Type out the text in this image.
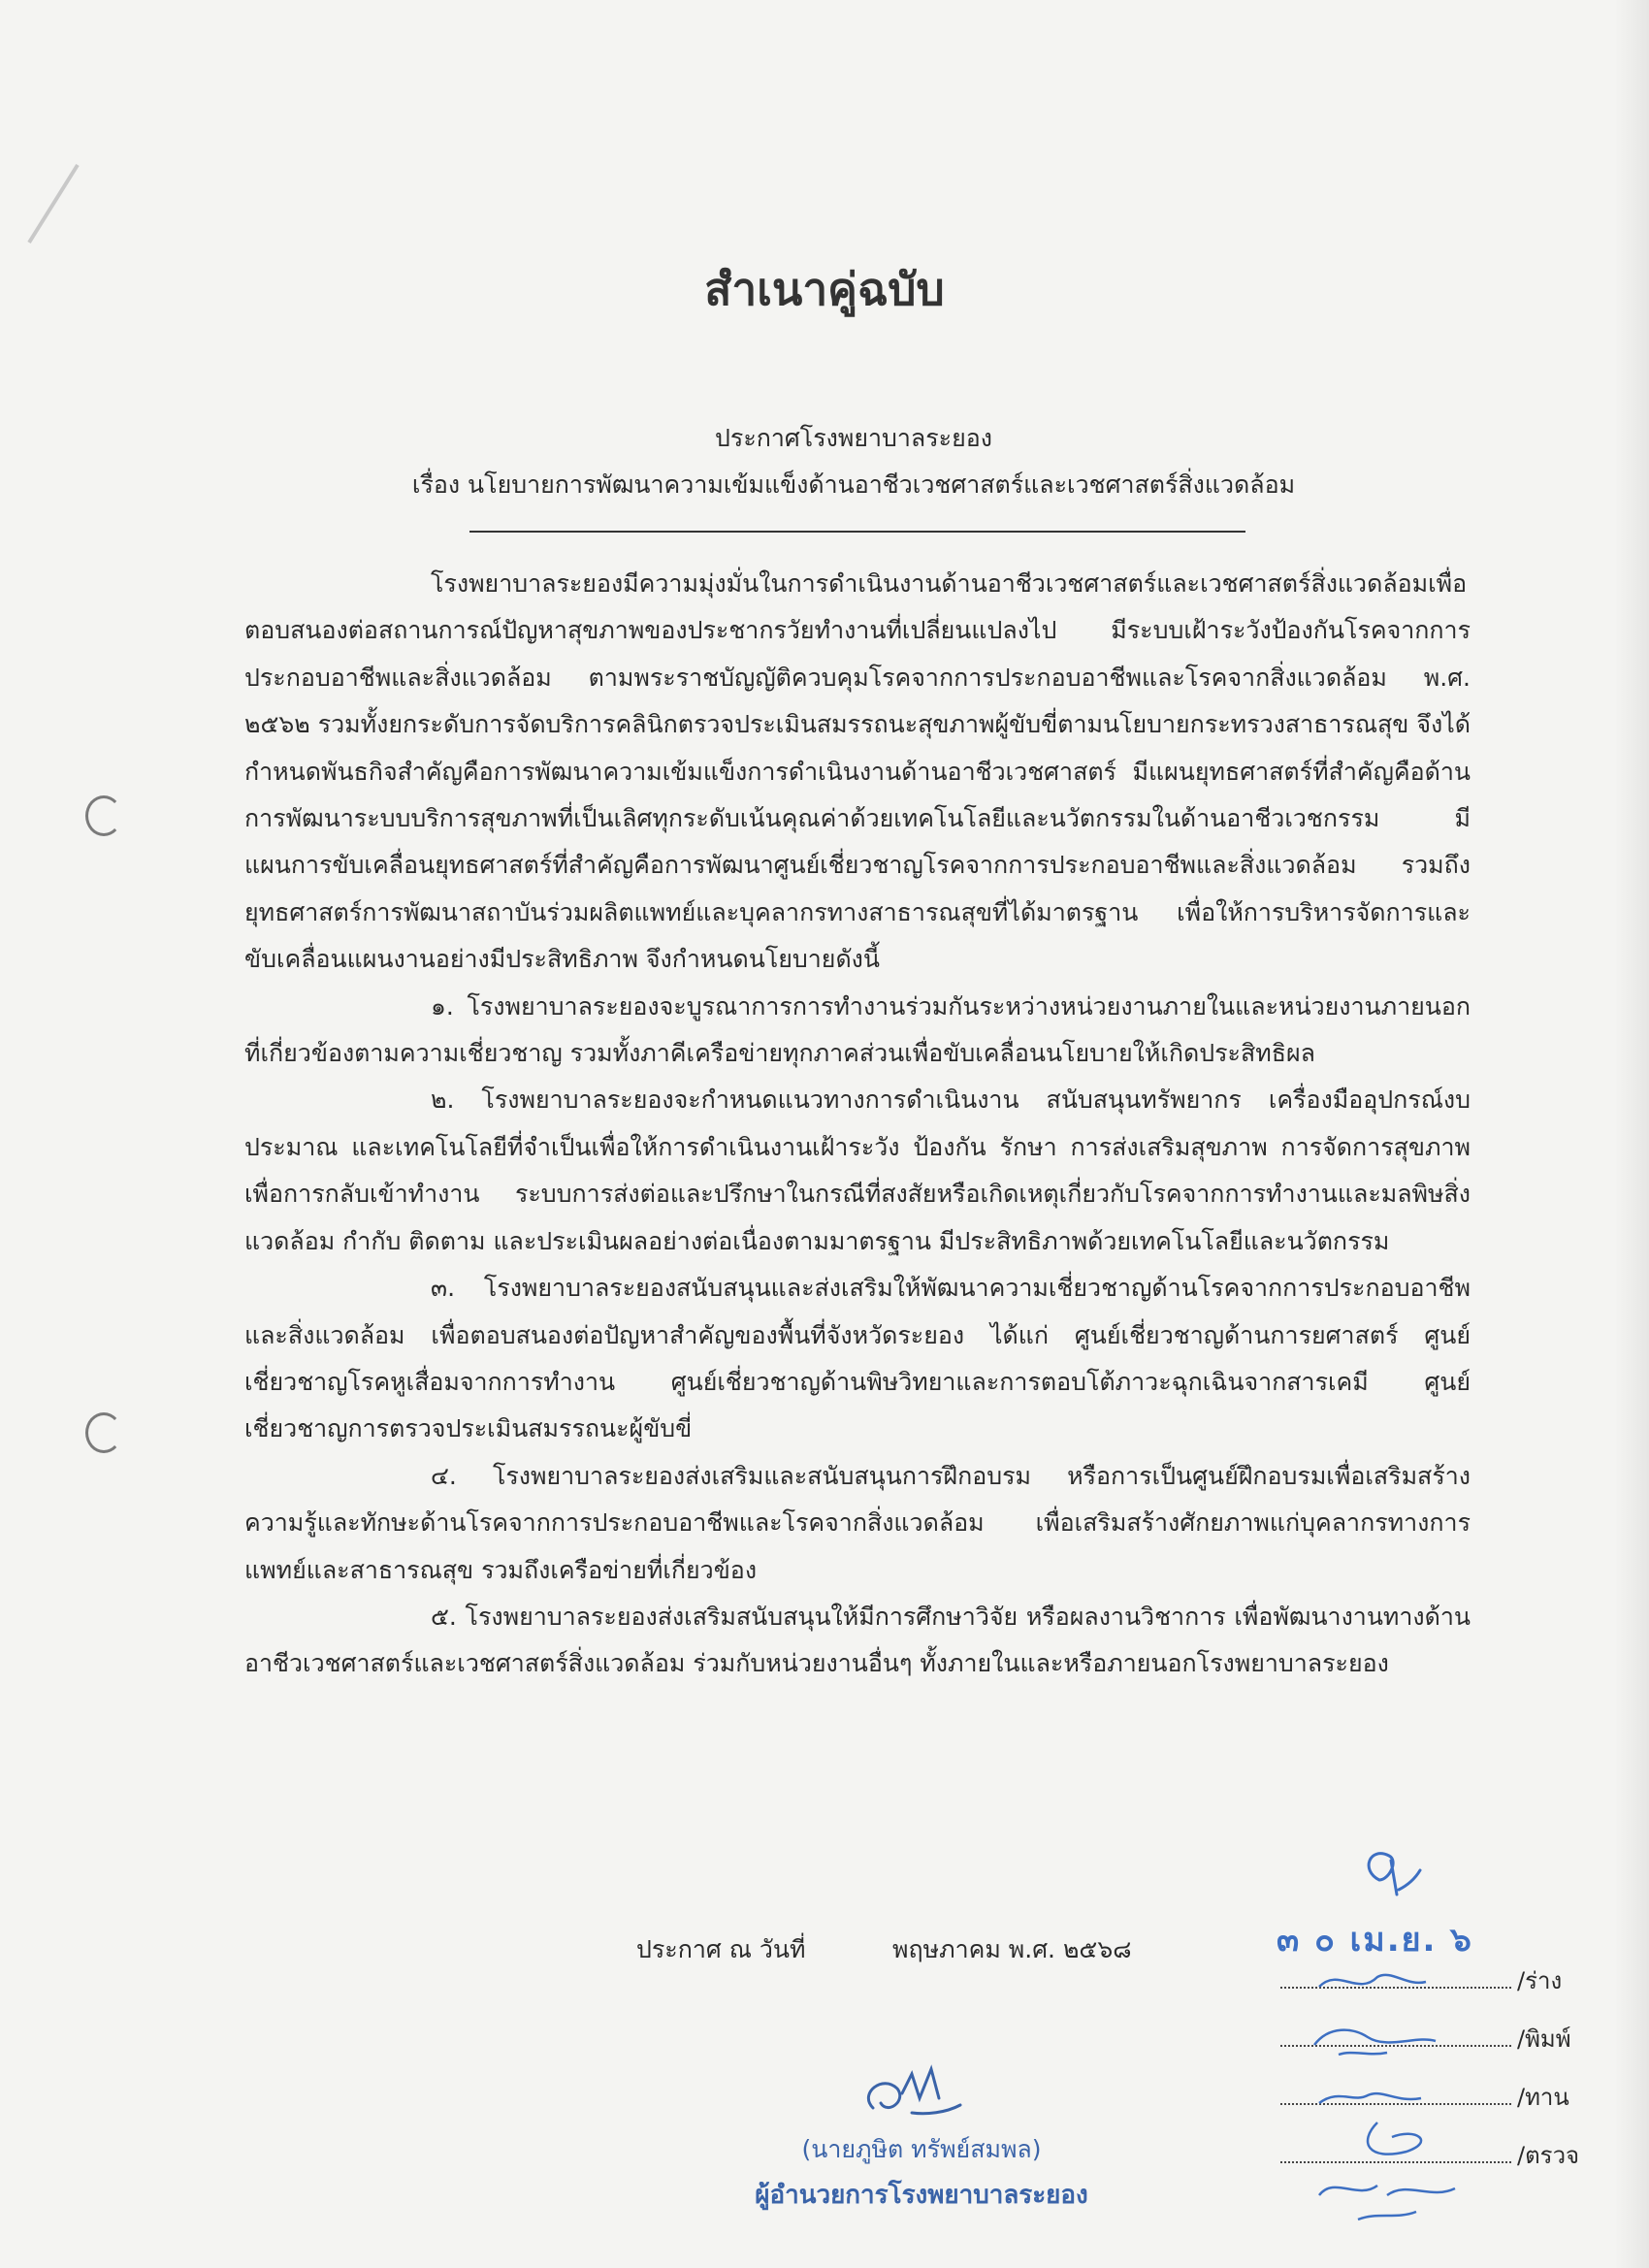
สำเนาคู่ฉบับ
ประกาศโรงพยาบาลระยอง
เรื่อง นโยบายการพัฒนาความเข้มแข็งด้านอาชีวเวชศาสตร์และเวชศาสตร์สิ่งแวดล้อม

โรงพยาบาลระยองมีความมุ่งมั่นในการดำเนินงานด้านอาชีวเวชศาสตร์และเวชศาสตร์สิ่งแวดล้อมเพื่อตอบสนองต่อสถานการณ์ปัญหาสุขภาพของประชากรวัยทำงานที่เปลี่ยนแปลงไป มีระบบเฝ้าระวังป้องกันโรคจากการประกอบอาชีพและสิ่งแวดล้อม ตามพระราชบัญญัติควบคุมโรคจากการประกอบอาชีพและโรคจากสิ่งแวดล้อม พ.ศ. ๒๕๖๒ รวมทั้งยกระดับการจัดบริการคลินิกตรวจประเมินสมรรถนะสุขภาพผู้ขับขี่ตามนโยบายกระทรวงสาธารณสุข จึงได้กำหนดพันธกิจสำคัญคือการพัฒนาความเข้มแข็งการดำเนินงานด้านอาชีวเวชศาสตร์ มีแผนยุทธศาสตร์ที่สำคัญคือด้านการพัฒนาระบบบริการสุขภาพที่เป็นเลิศทุกระดับเน้นคุณค่าด้วยเทคโนโลยีและนวัตกรรมในด้านอาชีวเวชกรรม มีแผนการขับเคลื่อนยุทธศาสตร์ที่สำคัญคือการพัฒนาศูนย์เชี่ยวชาญโรคจากการประกอบอาชีพและสิ่งแวดล้อม รวมถึงยุทธศาสตร์การพัฒนาสถาบันร่วมผลิตแพทย์และบุคลากรทางสาธารณสุขที่ได้มาตรฐาน เพื่อให้การบริหารจัดการและขับเคลื่อนแผนงานอย่างมีประสิทธิภาพ จึงกำหนดนโยบายดังนี้

๑. โรงพยาบาลระยองจะบูรณาการการทำงานร่วมกันระหว่างหน่วยงานภายในและหน่วยงานภายนอกที่เกี่ยวข้องตามความเชี่ยวชาญ รวมทั้งภาคีเครือข่ายทุกภาคส่วนเพื่อขับเคลื่อนนโยบายให้เกิดประสิทธิผล

๒. โรงพยาบาลระยองจะกำหนดแนวทางการดำเนินงาน สนับสนุนทรัพยากร เครื่องมืออุปกรณ์งบประมาณ และเทคโนโลยีที่จำเป็นเพื่อให้การดำเนินงานเฝ้าระวัง ป้องกัน รักษา การส่งเสริมสุขภาพ การจัดการสุขภาพเพื่อการกลับเข้าทำงาน ระบบการส่งต่อและปรึกษาในกรณีที่สงสัยหรือเกิดเหตุเกี่ยวกับโรคจากการทำงานและมลพิษสิ่งแวดล้อม กำกับ ติดตาม และประเมินผลอย่างต่อเนื่องตามมาตรฐาน มีประสิทธิภาพด้วยเทคโนโลยีและนวัตกรรม

๓. โรงพยาบาลระยองสนับสนุนและส่งเสริมให้พัฒนาความเชี่ยวชาญด้านโรคจากการประกอบอาชีพและสิ่งแวดล้อม เพื่อตอบสนองต่อปัญหาสำคัญของพื้นที่จังหวัดระยอง ได้แก่ ศูนย์เชี่ยวชาญด้านการยศาสตร์ ศูนย์เชี่ยวชาญโรคหูเสื่อมจากการทำงาน ศูนย์เชี่ยวชาญด้านพิษวิทยาและการตอบโต้ภาวะฉุกเฉินจากสารเคมี ศูนย์เชี่ยวชาญการตรวจประเมินสมรรถนะผู้ขับขี่

๔. โรงพยาบาลระยองส่งเสริมและสนับสนุนการฝึกอบรม หรือการเป็นศูนย์ฝึกอบรมเพื่อเสริมสร้างความรู้และทักษะด้านโรคจากการประกอบอาชีพและโรคจากสิ่งแวดล้อม เพื่อเสริมสร้างศักยภาพแก่บุคลากรทางการแพทย์และสาธารณสุข รวมถึงเครือข่ายที่เกี่ยวข้อง

๕. โรงพยาบาลระยองส่งเสริมสนับสนุนให้มีการศึกษาวิจัย หรือผลงานวิชาการ เพื่อพัฒนางานทางด้านอาชีวเวชศาสตร์และเวชศาสตร์สิ่งแวดล้อม ร่วมกับหน่วยงานอื่นๆ ทั้งภายในและหรือภายนอกโรงพยาบาลระยอง

ประกาศ ณ วันที่	พฤษภาคม พ.ศ. ๒๕๖๘
(นายภูษิต ทรัพย์สมพล)
ผู้อำนวยการโรงพยาบาลระยอง
๓ ๐ เม.ย. ๖
/ร่าง
/พิมพ์
/ทาน
/ตรวจ
